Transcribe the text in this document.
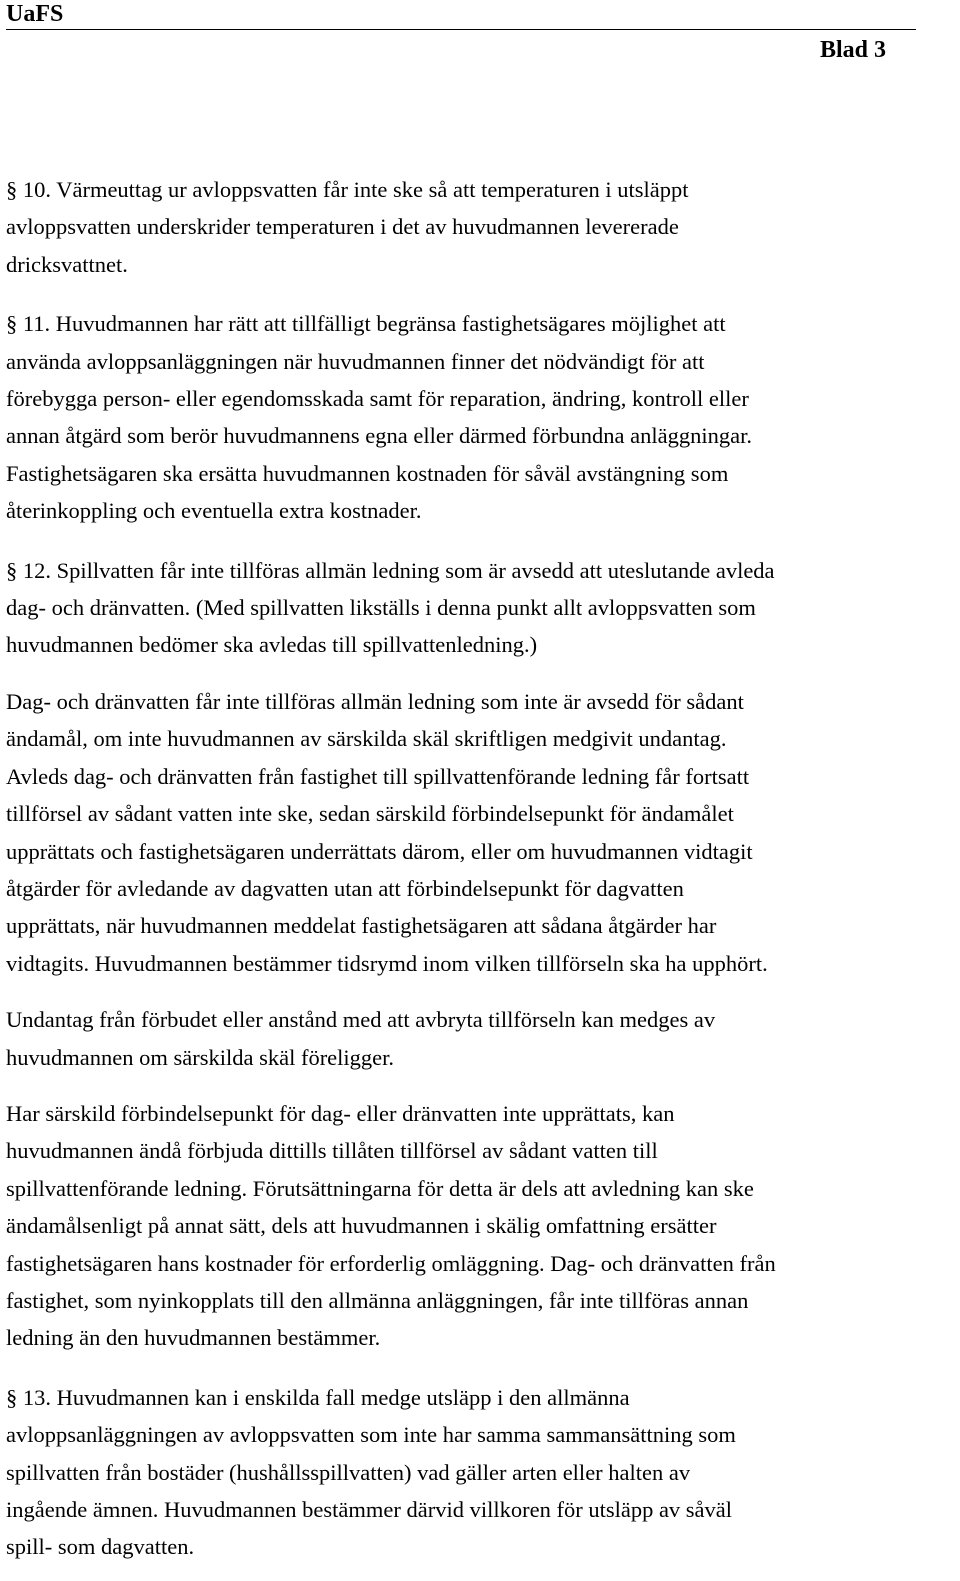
UaFS
Blad 3

§ 10. Värmeuttag ur avloppsvatten får inte ske så att temperaturen i utsläppt
avloppsvatten underskrider temperaturen i det av huvudmannen levererade
dricksvattnet.

§ 11. Huvudmannen har rätt att tillfälligt begränsa fastighetsägares möjlighet att
använda avloppsanläggningen när huvudmannen finner det nödvändigt för att
förebygga person- eller egendomsskada samt för reparation, ändring, kontroll eller
annan åtgärd som berör huvudmannens egna eller därmed förbundna anläggningar.
Fastighetsägaren ska ersätta huvudmannen kostnaden för såväl avstängning som
återinkoppling och eventuella extra kostnader.

§ 12. Spillvatten får inte tillföras allmän ledning som är avsedd att uteslutande avleda
dag- och dränvatten. (Med spillvatten likställs i denna punkt allt avloppsvatten som
huvudmannen bedömer ska avledas till spillvattenledning.)

Dag- och dränvatten får inte tillföras allmän ledning som inte är avsedd för sådant
ändamål, om inte huvudmannen av särskilda skäl skriftligen medgivit undantag.
Avleds dag- och dränvatten från fastighet till spillvattenförande ledning får fortsatt
tillförsel av sådant vatten inte ske, sedan särskild förbindelsepunkt för ändamålet
upprättats och fastighetsägaren underrättats därom, eller om huvudmannen vidtagit
åtgärder för avledande av dagvatten utan att förbindelsepunkt för dagvatten
upprättats, när huvudmannen meddelat fastighetsägaren att sådana åtgärder har
vidtagits. Huvudmannen bestämmer tidsrymd inom vilken tillförseln ska ha upphört.

Undantag från förbudet eller anstånd med att avbryta tillförseln kan medges av
huvudmannen om särskilda skäl föreligger.

Har särskild förbindelsepunkt för dag- eller dränvatten inte upprättats, kan
huvudmannen ändå förbjuda dittills tillåten tillförsel av sådant vatten till
spillvattenförande ledning. Förutsättningarna för detta är dels att avledning kan ske
ändamålsenligt på annat sätt, dels att huvudmannen i skälig omfattning ersätter
fastighetsägaren hans kostnader för erforderlig omläggning. Dag- och dränvatten från
fastighet, som nyinkopplats till den allmänna anläggningen, får inte tillföras annan
ledning än den huvudmannen bestämmer.

§ 13. Huvudmannen kan i enskilda fall medge utsläpp i den allmänna
avloppsanläggningen av avloppsvatten som inte har samma sammansättning som
spillvatten från bostäder (hushållsspillvatten) vad gäller arten eller halten av
ingående ämnen. Huvudmannen bestämmer därvid villkoren för utsläpp av såväl
spill- som dagvatten.
